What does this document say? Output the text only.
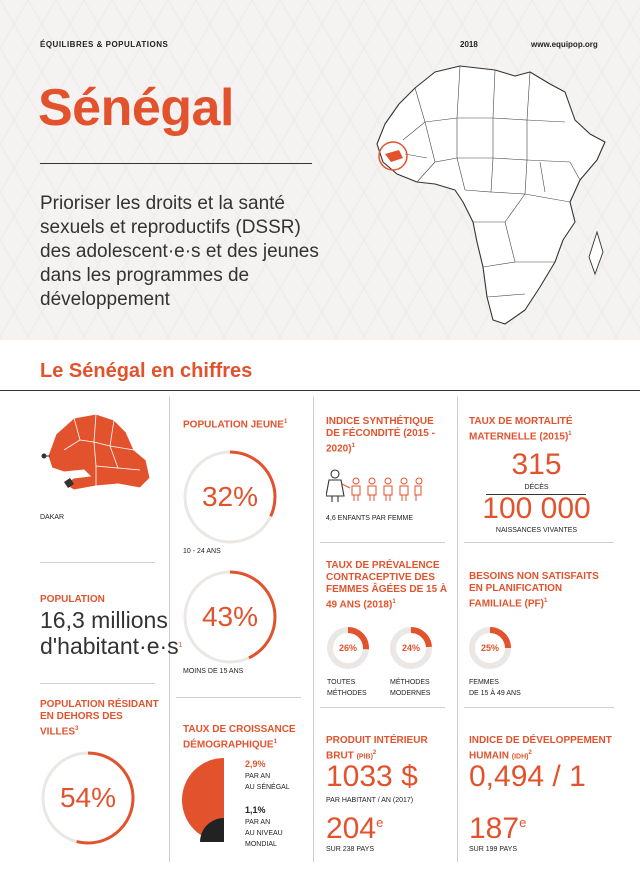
ÉQUILIBRES & POPULATIONS	2018	www.equipop.org
Sénégal
Prioriser les droits et la santé sexuels et reproductifs (DSSR) des adolescent·e·s et des jeunes dans les programmes de développement
Le Sénégal en chiffres
DAKAR
POPULATION
16,3 millions
$d'habitant\cdot e\cdot s^1$
POPULATION RÉSIDANT EN DEHORS DES VILLES$^3$
54%
POPULATION JEUNE$^1$
32%
10 - 24 ANS
43%
MOINS DE 15 ANS
TAUX DE CROISSANCE DÉMOGRAPHIQUE$^1$
2,9%
PAR AN
AU SÉNÉGAL
1,1%
PAR AN
AU NIVEAU
MONDIAL
INDICE SYNTHÉTIQUE DE FÉCONDITÉ (2015 - 2020)$^1$
4,6 ENFANTS PAR FEMME
TAUX DE PRÉVALENCE CONTRACEPTIVE DES FEMMES ÂGÉES DE 15 À 49 ANS $(2018)^1$
26%
TOUTES
MÉTHODES
24%
MÉTHODES
MODERNES
PRODUIT INTÉRIEUR BRUT (PIB)$^2$
1033 $
PAR HABITANT / AN (2017)
204e
SUR 238 PAYS
TAUX DE MORTALITÉ MATERNELLE $(2015)^1$
315
DÉCÈS
100 000
NAISSANCES VIVANTES
BESOINS NON SATISFAITS EN PLANIFICATION FAMILIALE (PF)$^1$
25%
FEMMES
DE 15 À 49 ANS
INDICE DE DÉVELOPPEMENT HUMAIN (IDH)$^2$
0,494 / 1
187e
SUR 199 PAYS
